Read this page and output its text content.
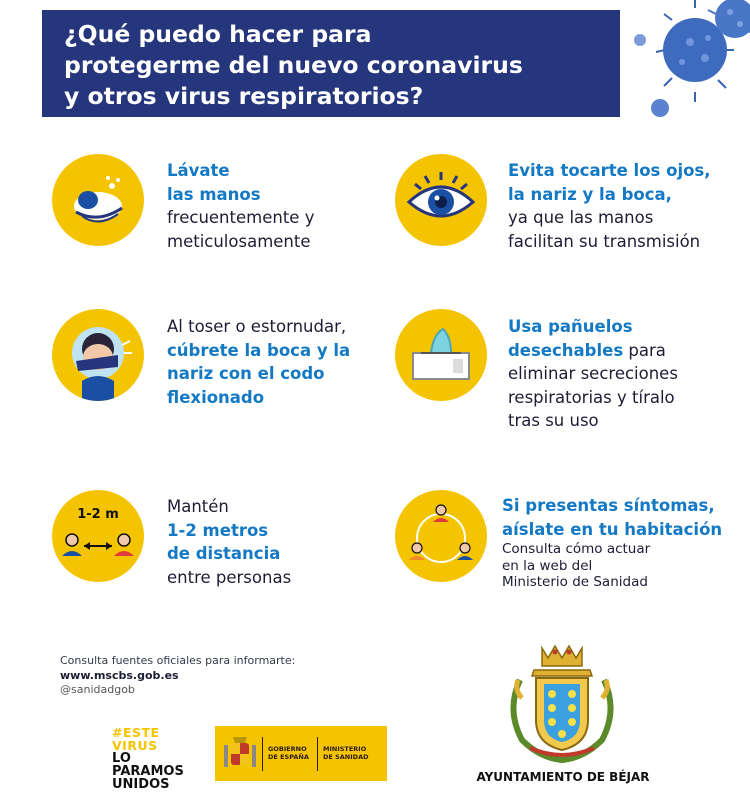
¿Qué puedo hacer para
protegerme del nuevo coronavirus
y otros virus respiratorios?
Lávate
las manos
frecuentemente y
meticulosamente
Evita tocarte los ojos,
la nariz y la boca,
ya que las manos
facilitan su transmisión
Al toser o estornudar,
cúbrete la boca y la
nariz con el codo
flexionado
Usa pañuelos
desechables para
eliminar secreciones
respiratorias y tíralo
tras su uso
1-2 m	Mantén
1-2 metros
de distancia
entre personas
Si presentas síntomas,
aíslate en tu habitación
Consulta cómo actuar
en la web del
Ministerio de Sanidad
Consulta fuentes oficiales para informarte:
www.mscbs.gob.es
@sanidadgob
#ESTE
VIRUS
LO
PARAMOS
UNIDOS
GOBIERNO
DE ESPAÑA
MINISTERIO
DE SANIDAD
AYUNTAMIENTO DE BÉJAR
